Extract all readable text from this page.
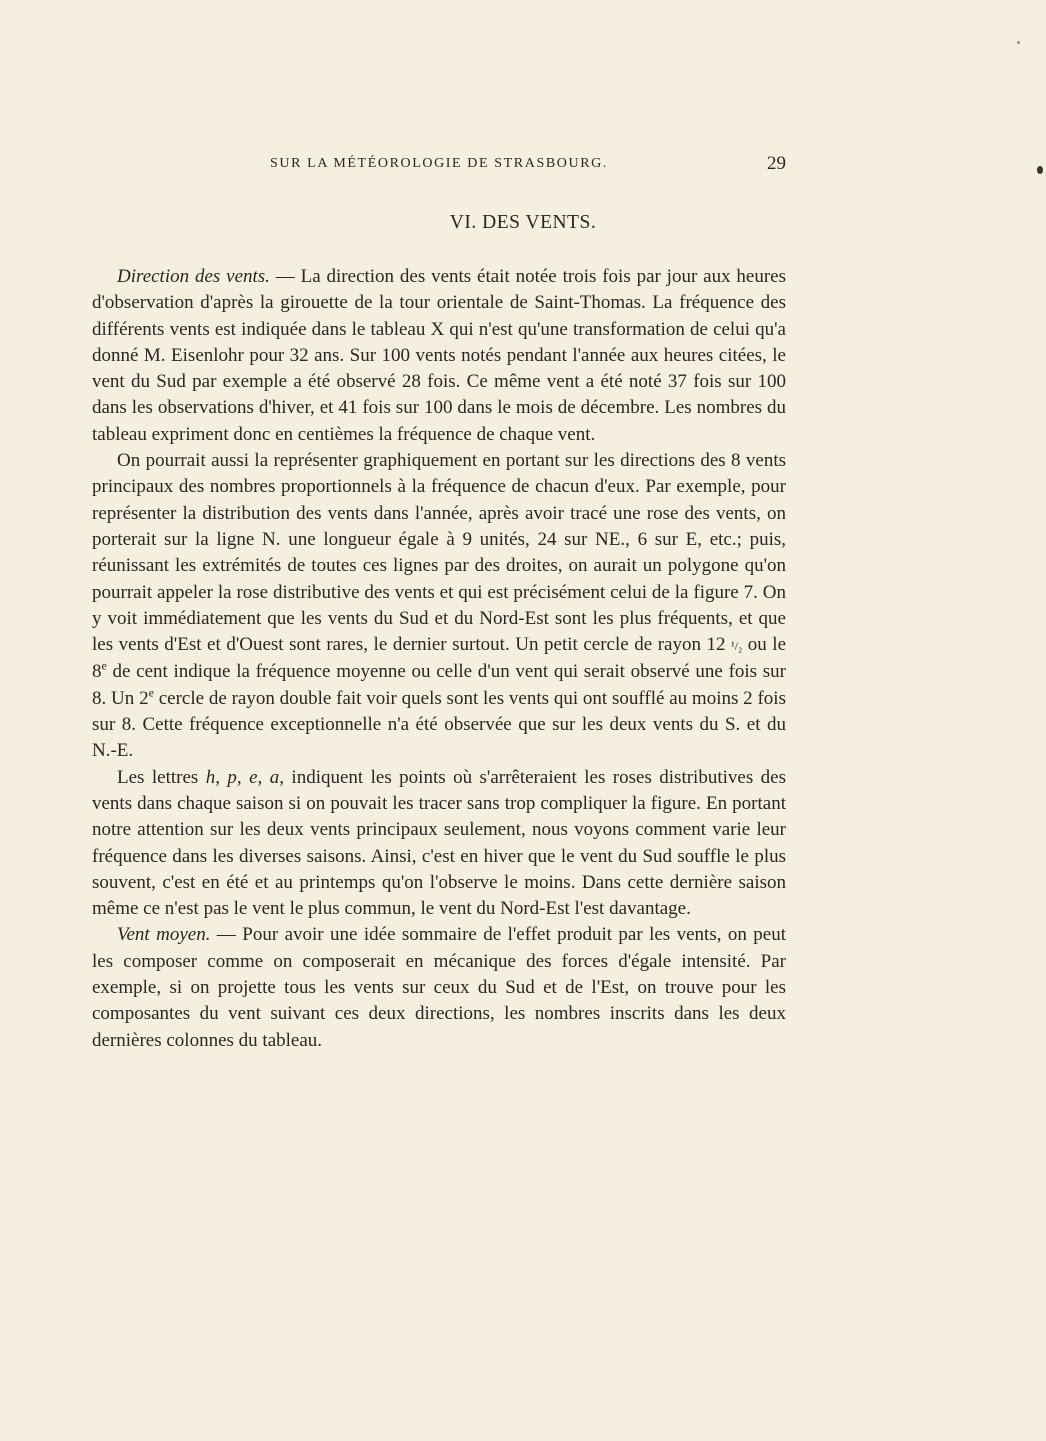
SUR LA MÉTÉOROLOGIE DE STRASBOURG.	29
VI. DES VENTS.

Direction des vents. — La direction des vents était notée trois fois par jour aux heures d'observation d'après la girouette de la tour orientale de Saint-Thomas. La fréquence des différents vents est indiquée dans le tableau X qui n'est qu'une transformation de celui qu'a donné M. Eisenlohr pour 32 ans. Sur 100 vents notés pendant l'année aux heures citées, le vent du Sud par exemple a été observé 28 fois. Ce même vent a été noté 37 fois sur 100 dans les observations d'hiver, et 41 fois sur 100 dans le mois de décembre. Les nombres du tableau expriment donc en centièmes la fréquence de chaque vent.

On pourrait aussi la représenter graphiquement en portant sur les directions des 8 vents principaux des nombres proportionnels à la fréquence de chacun d'eux. Par exemple, pour représenter la distribution des vents dans l'année, après avoir tracé une rose des vents, on porterait sur la ligne N. une longueur égale à 9 unités, 24 sur NE., 6 sur E, etc.; puis, réunissant les extrémités de toutes ces lignes par des droites, on aurait un polygone qu'on pourrait appeler la rose distributive des vents et qui est précisément celui de la figure 7. On y voit immédiatement que les vents du Sud et du Nord-Est sont les plus fréquents, et que les vents d'Est et d'Ouest sont rares, le dernier surtout. Un petit cercle de rayon 12 ¹/₂ ou le 8e de cent indique la fréquence moyenne ou celle d'un vent qui serait observé une fois sur 8. Un 2e cercle de rayon double fait voir quels sont les vents qui ont soufflé au moins 2 fois sur 8. Cette fréquence exceptionnelle n'a été observée que sur les deux vents du S. et du N.-E.

Les lettres h, p, e, a, indiquent les points où s'arrêteraient les roses distributives des vents dans chaque saison si on pouvait les tracer sans trop compliquer la figure. En portant notre attention sur les deux vents principaux seulement, nous voyons comment varie leur fréquence dans les diverses saisons. Ainsi, c'est en hiver que le vent du Sud souffle le plus souvent, c'est en été et au printemps qu'on l'observe le moins. Dans cette dernière saison même ce n'est pas le vent le plus commun, le vent du Nord-Est l'est davantage.

Vent moyen. — Pour avoir une idée sommaire de l'effet produit par les vents, on peut les composer comme on composerait en mécanique des forces d'égale intensité. Par exemple, si on projette tous les vents sur ceux du Sud et de l'Est, on trouve pour les composantes du vent suivant ces deux directions, les nombres inscrits dans les deux dernières colonnes du tableau.
